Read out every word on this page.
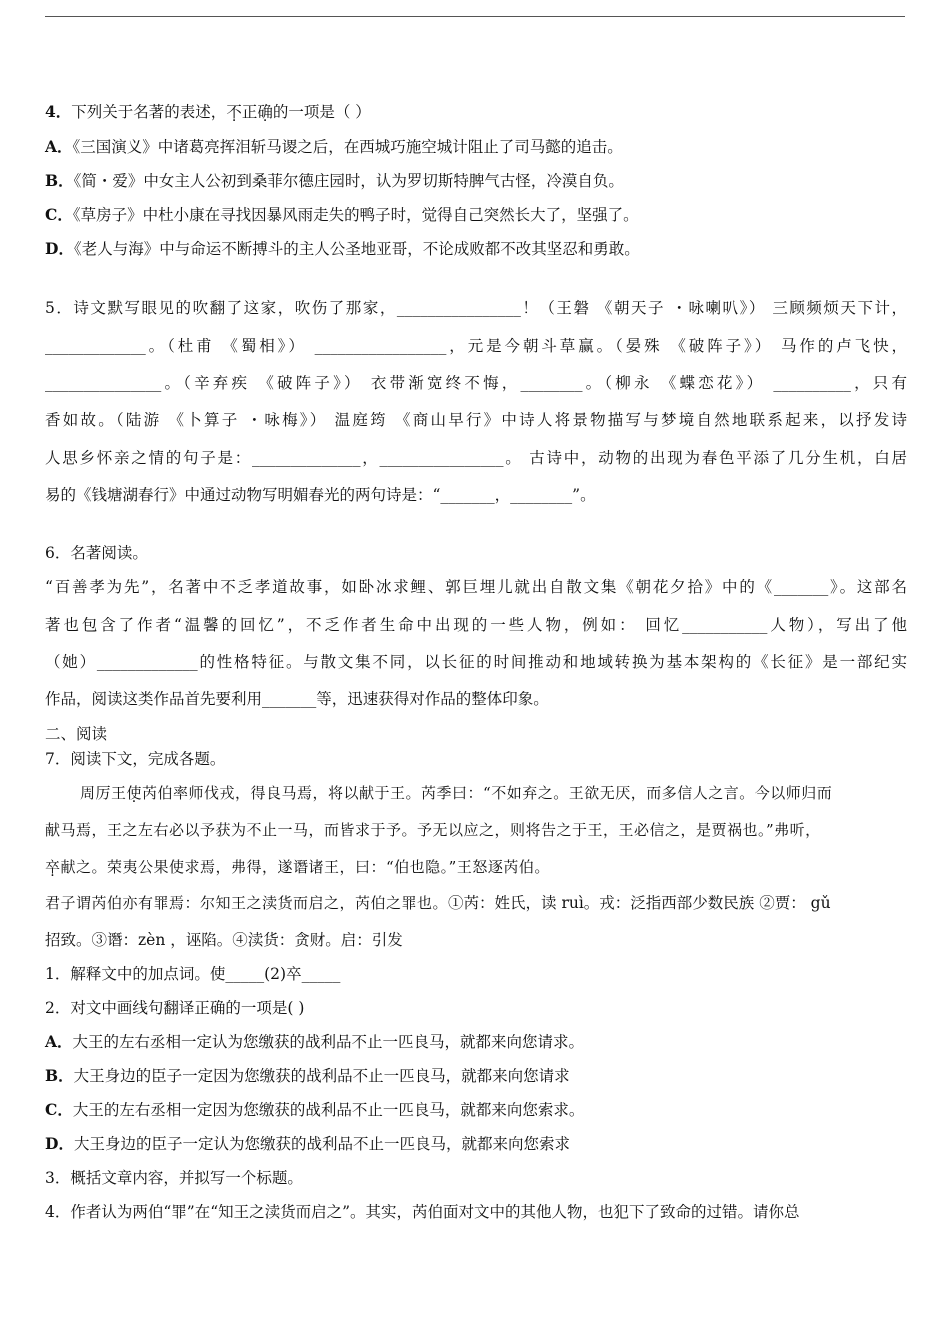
4．下列关于名著的表述，不正确的一项是（ ）
A．《三国演义》中诸葛亮挥泪斩马谡之后，在西城巧施空城计阻止了司马懿的追击。
B．《简・爱》中女主人公初到桑菲尔德庄园时，认为罗切斯特脾气古怪，冷漠自负。
C．《草房子》中杜小康在寻找因暴风雨走失的鸭子时，觉得自己突然长大了，坚强了。
D．《老人与海》中与命运不断搏斗的主人公圣地亚哥，不论成败都不改其坚忍和勇敢。
5．诗文默写眼见的吹翻了这家，吹伤了那家，________________！（王磐 《朝天子 ・咏喇叭》） 三顾频烦天下计，
_____________。（杜甫 《蜀相》） _________________，元是今朝斗草赢。（晏殊 《破阵子》） 马作的卢飞快，
_______________。（辛弃疾 《破阵子》） 衣带渐宽终不悔，________。（柳永 《蝶恋花》） __________，只有
香如故。（陆游 《卜算子 ・咏梅》） 温庭筠 《商山早行》中诗人将景物描写与梦境自然地联系起来，以抒发诗
人思乡怀亲之情的句子是：______________，________________。 古诗中，动物的出现为春色平添了几分生机，白居
易的《钱塘湖春行》中通过动物写明媚春光的两句诗是：“_______，________”。
6．名著阅读。
“百善孝为先”，名著中不乏孝道故事，如卧冰求鲤、郭巨埋儿就出自散文集《朝花夕拾》中的《_______》。这部名
著也包含了作者“温馨的回忆”，不乏作者生命中出现的一些人物，例如： 回忆___________人物），写出了他
（她）_____________的性格特征。与散文集不同，以长征的时间推动和地域转换为基本架构的《长征》是一部纪实
作品，阅读这类作品首先要利用_______等，迅速获得对作品的整体印象。
二、阅读
7．阅读下文，完成各题。
周厉王使芮伯率师伐戎，得良马焉，将以献于王。芮季曰：“不如弃之。王欲无厌，而多信人之言。今以师归而
献马焉，王之左右必以予获为不止一马，而皆求于予。予无以应之，则将告之于王，王必信之，是贾祸也。”弗听，
卒献之。荣夷公果使求焉，弗得，遂谮诸王，曰：“伯也隐。”王怒逐芮伯。
君子谓芮伯亦有罪焉：尔知王之渎货而启之，芮伯之罪也。①芮：姓氏，读 ruì。戎：泛指西部少数民族 ②贾： gǔ
招致。③谮：zèn ，诬陷。④渎货：贪财。启：引发
1．解释文中的加点词。使_____(2)卒_____
2．对文中画线句翻译正确的一项是( )
A．大王的左右丞相一定认为您缴获的战利品不止一匹良马，就都来向您请求。
B．大王身边的臣子一定因为您缴获的战利品不止一匹良马，就都来向您请求
C．大王的左右丞相一定因为您缴获的战利品不止一匹良马，就都来向您索求。
D．大王身边的臣子一定认为您缴获的战利品不止一匹良马，就都来向您索求
3．概括文章内容，并拟写一个标题。
4．作者认为两伯“罪”在“知王之渎货而启之”。其实，芮伯面对文中的其他人物，也犯下了致命的过错。请你总
